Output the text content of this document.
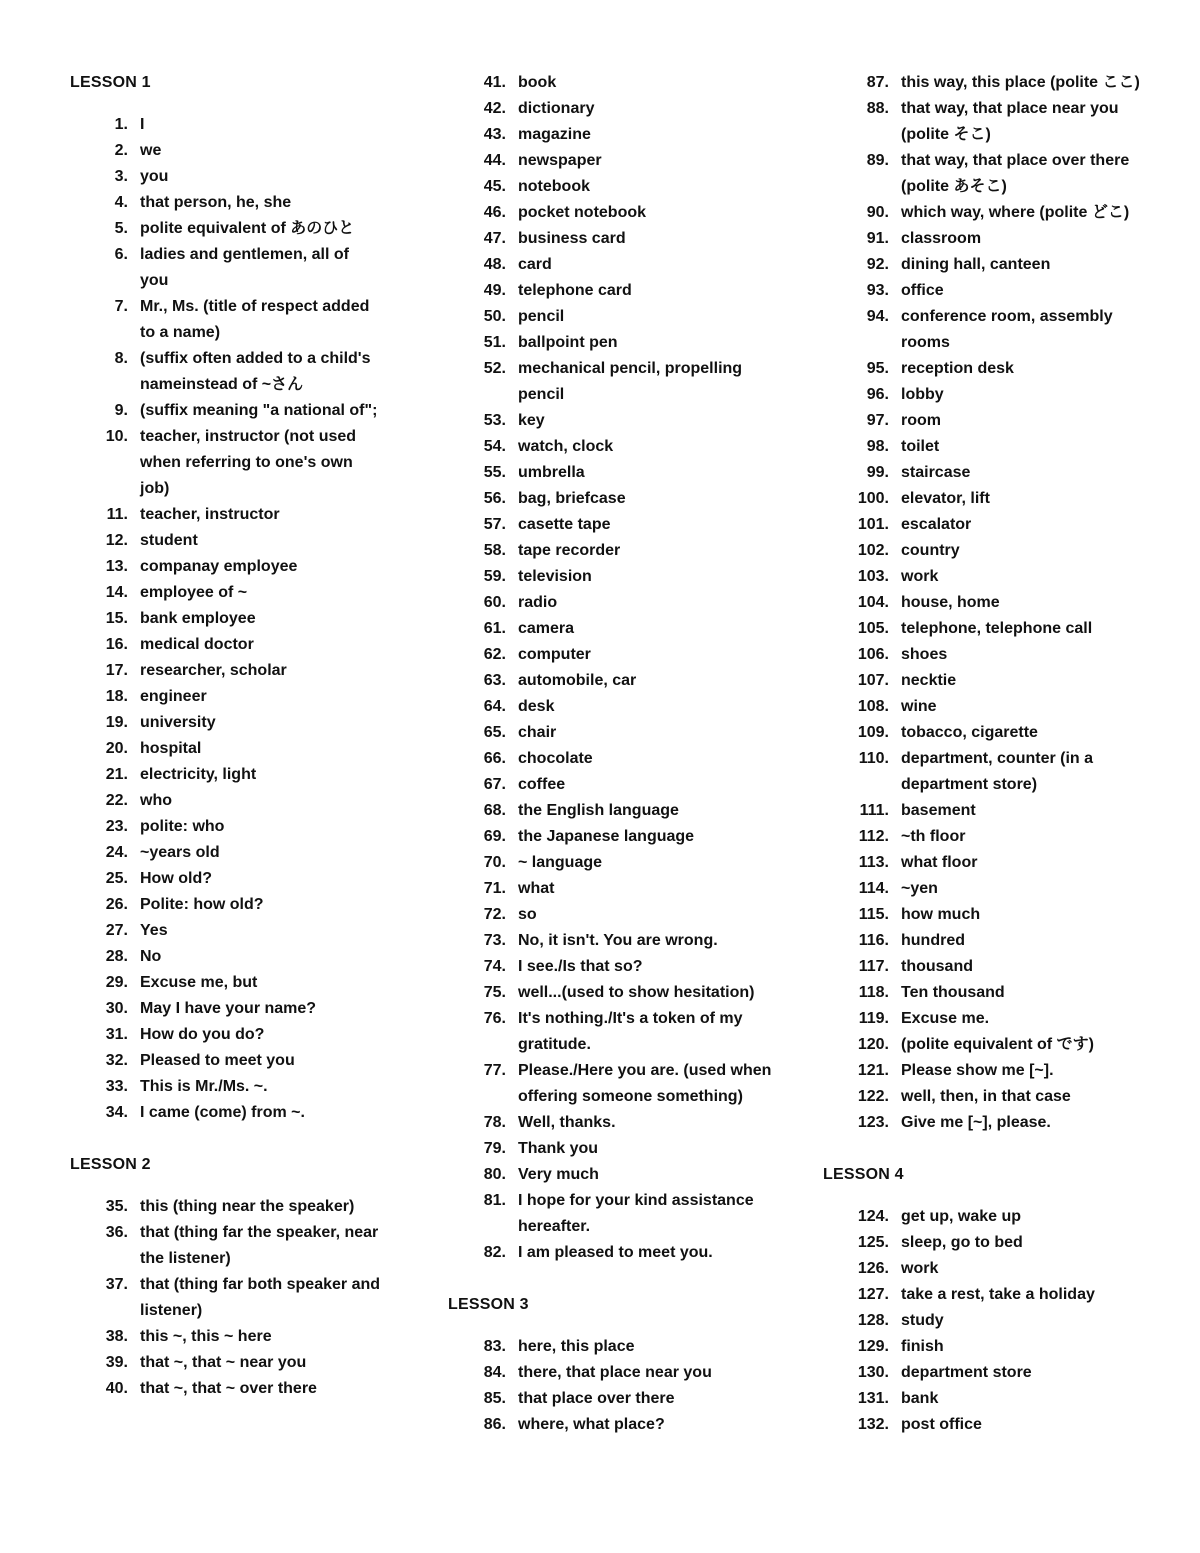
LESSON 1
1. I
2. we
3. you
4. that person, he, she
5. polite equivalent of あのひと
6. ladies and gentlemen, all of you
7. Mr., Ms. (title of respect added to a name)
8. (suffix often added to a child's nameinstead of ~さん
9. (suffix meaning "a national of";
10. teacher, instructor (not used when referring to one's own job)
11. teacher, instructor
12. student
13. companay employee
14. employee of ~
15. bank employee
16. medical doctor
17. researcher, scholar
18. engineer
19. university
20. hospital
21. electricity, light
22. who
23. polite: who
24. ~years old
25. How old?
26. Polite: how old?
27. Yes
28. No
29. Excuse me, but
30. May I have your name?
31. How do you do?
32. Pleased to meet you
33. This is Mr./Ms. ~.
34. I came (come) from ~.
LESSON 2
35. this (thing near the speaker)
36. that (thing far the speaker, near the listener)
37. that (thing far both speaker and listener)
38. this ~, this ~ here
39. that ~, that ~ near you
40. that ~, that ~ over there
41. book
42. dictionary
43. magazine
44. newspaper
45. notebook
46. pocket notebook
47. business card
48. card
49. telephone card
50. pencil
51. ballpoint pen
52. mechanical pencil, propelling pencil
53. key
54. watch, clock
55. umbrella
56. bag, briefcase
57. casette tape
58. tape recorder
59. television
60. radio
61. camera
62. computer
63. automobile, car
64. desk
65. chair
66. chocolate
67. coffee
68. the English language
69. the Japanese language
70. ~ language
71. what
72. so
73. No, it isn't. You are wrong.
74. I see./Is that so?
75. well...(used to show hesitation)
76. It's nothing./It's a token of my gratitude.
77. Please./Here you are. (used when offering someone something)
78. Well, thanks.
79. Thank you
80. Very much
81. I hope for your kind assistance hereafter.
82. I am pleased to meet you.
LESSON 3
83. here, this place
84. there, that place near you
85. that place over there
86. where, what place?
87. this way, this place (polite ここ)
88. that way, that place near you (polite そこ)
89. that way, that place over there (polite あそこ)
90. which way, where (polite どこ)
91. classroom
92. dining hall, canteen
93. office
94. conference room, assembly rooms
95. reception desk
96. lobby
97. room
98. toilet
99. staircase
100. elevator, lift
101. escalator
102. country
103. work
104. house, home
105. telephone, telephone call
106. shoes
107. necktie
108. wine
109. tobacco, cigarette
110. department, counter (in a department store)
111. basement
112. ~th floor
113. what floor
114. ~yen
115. how much
116. hundred
117. thousand
118. Ten thousand
119. Excuse me.
120. (polite equivalent of です)
121. Please show me [~].
122. well, then, in that case
123. Give me [~], please.
LESSON 4
124. get up, wake up
125. sleep, go to bed
126. work
127. take a rest, take a holiday
128. study
129. finish
130. department store
131. bank
132. post office
